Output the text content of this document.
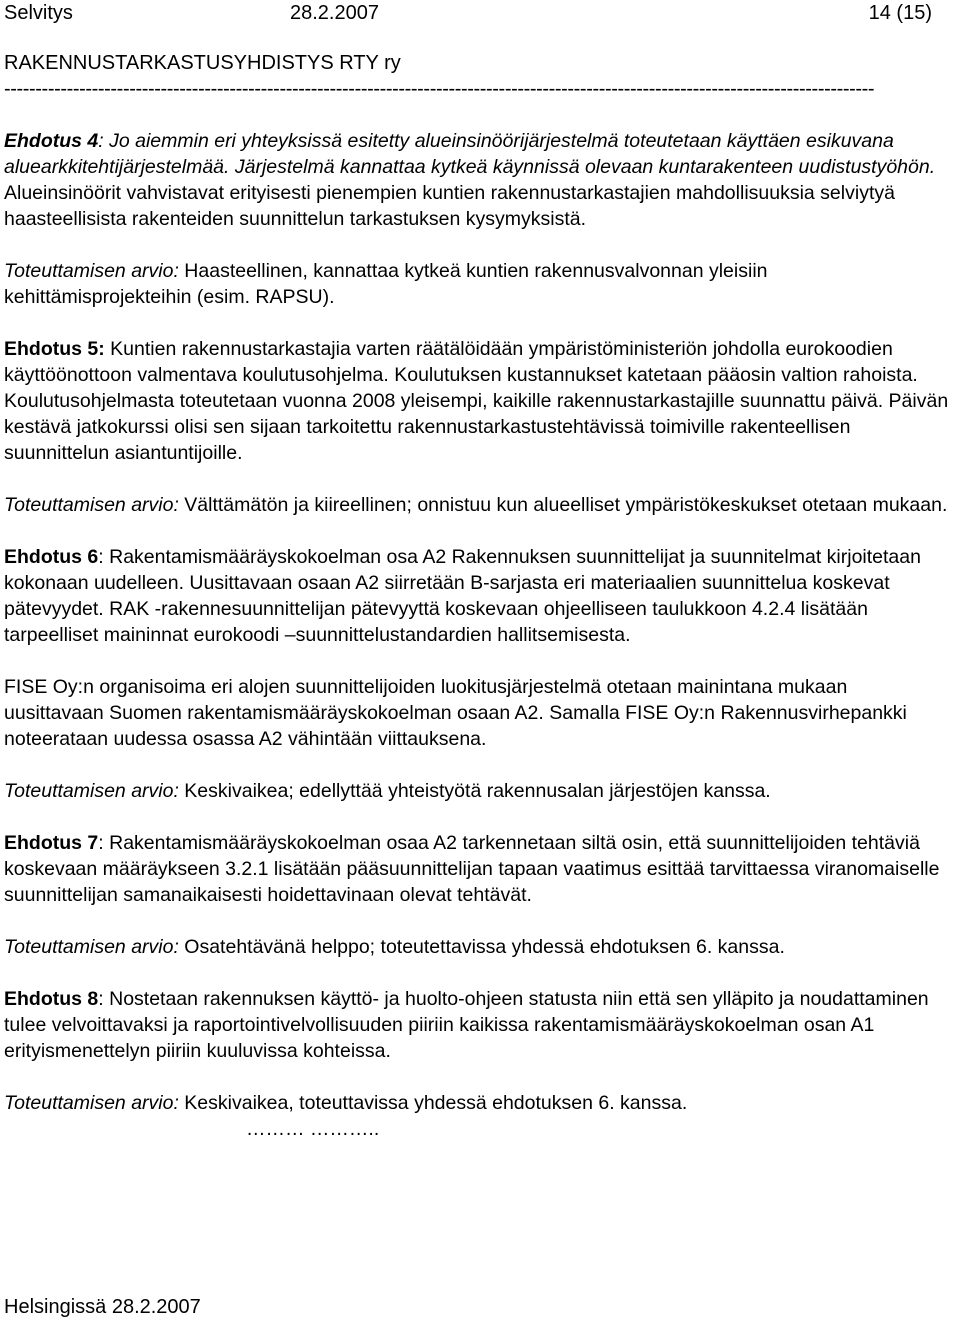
Selvitys	28.2.2007	14 (15)
RAKENNUSTARKASTUSYHDISTYS RTY ry
-------------------------------------------------------------------------------------------------------------------------------------------

Ehdotus 4: Jo aiemmin eri yhteyksissä esitetty alueinsinöörijärjestelmä toteutetaan käyttäen esikuvana aluearkkitehtijärjestelmää. Järjestelmä kannattaa kytkeä käynnissä olevaan kuntarakenteen uudistustyöhön. Alueinsinöörit vahvistavat erityisesti pienempien kuntien rakennustarkastajien mahdollisuuksia selviytyä haasteellisista rakenteiden suunnittelun tarkastuksen kysymyksistä.

Toteuttamisen arvio: Haasteellinen, kannattaa kytkeä kuntien rakennusvalvonnan yleisiin kehittämisprojekteihin (esim. RAPSU).

Ehdotus 5: Kuntien rakennustarkastajia varten räätälöidään ympäristöministeriön johdolla eurokoodien käyttöönottoon valmentava koulutusohjelma. Koulutuksen kustannukset katetaan pääosin valtion rahoista. Koulutusohjelmasta toteutetaan vuonna 2008 yleisempi, kaikille rakennustarkastajille suunnattu päivä. Päivän kestävä jatkokurssi olisi sen sijaan tarkoitettu rakennustarkastustehtävissä toimiville rakenteellisen suunnittelun asiantuntijoille.

Toteuttamisen arvio: Välttämätön ja kiireellinen; onnistuu kun alueelliset ympäristökeskukset otetaan mukaan.

Ehdotus 6: Rakentamismääräyskokoelman osa A2 Rakennuksen suunnittelijat ja suunnitelmat kirjoitetaan kokonaan uudelleen. Uusittavaan osaan A2 siirretään B-sarjasta eri materiaalien suunnittelua koskevat pätevyydet. RAK -rakennesuunnittelijan pätevyyttä koskevaan ohjeelliseen taulukkoon 4.2.4 lisätään tarpeelliset maininnat eurokoodi –suunnittelustandardien hallitsemisesta.

FISE Oy:n organisoima eri alojen suunnittelijoiden luokitusjärjestelmä otetaan mainintana mukaan uusittavaan Suomen rakentamismääräyskokoelman osaan A2. Samalla FISE Oy:n Rakennusvirhepankki noteerataan uudessa osassa A2 vähintään viittauksena.

Toteuttamisen arvio: Keskivaikea; edellyttää yhteistyötä rakennusalan järjestöjen kanssa.

Ehdotus 7: Rakentamismääräyskokoelman osaa A2 tarkennetaan siltä osin, että suunnittelijoiden tehtäviä koskevaan määräykseen 3.2.1 lisätään pääsuunnittelijan tapaan vaatimus esittää tarvittaessa viranomaiselle suunnittelijan samanaikaisesti hoidettavinaan olevat tehtävät.

Toteuttamisen arvio: Osatehtävänä helppo; toteutettavissa yhdessä ehdotuksen 6. kanssa.

Ehdotus 8: Nostetaan rakennuksen käyttö- ja huolto-ohjeen statusta niin että sen ylläpito ja noudattaminen tulee velvoittavaksi ja raportointivelvollisuuden piiriin kaikissa rakentamismääräyskokoelman osan A1 erityismenettelyn piiriin kuuluvissa kohteissa.

Toteuttamisen arvio: Keskivaikea, toteuttavissa yhdessä ehdotuksen 6. kanssa.

……… ………..
Helsingissä 28.2.2007
